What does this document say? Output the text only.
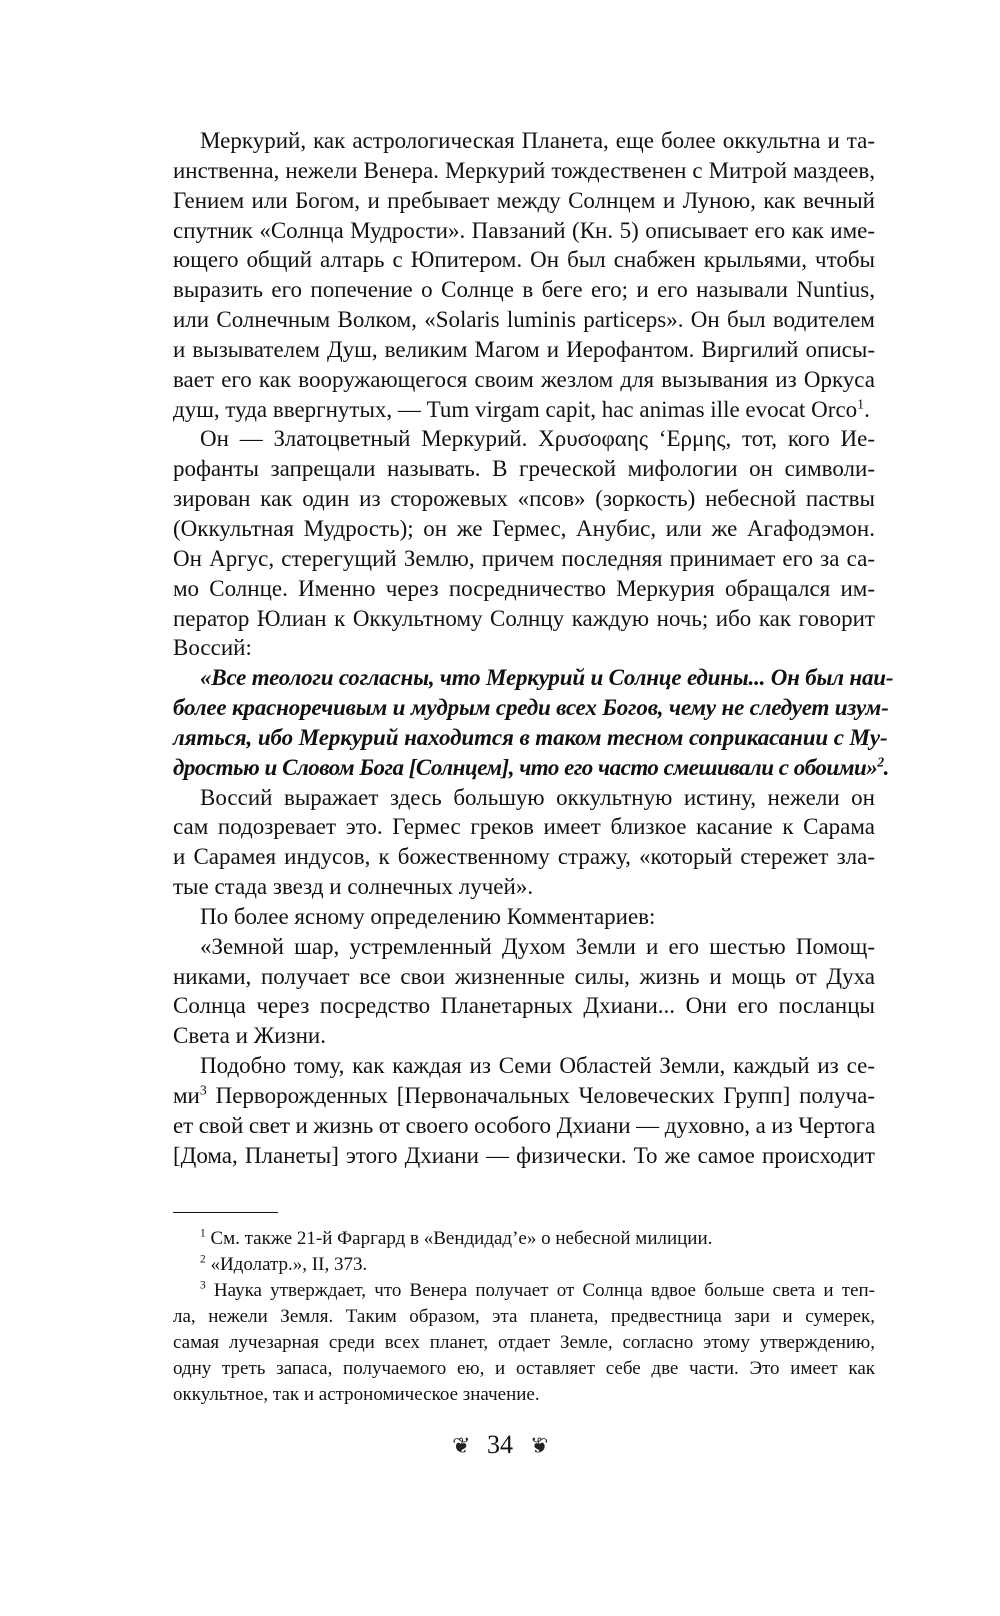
Меркурий, как астрологическая Планета, еще более оккультна и та-
инственна, нежели Венера. Меркурий тождественен с Митрой маздеев,
Гением или Богом, и пребывает между Солнцем и Луною, как вечный
спутник «Солнца Мудрости». Павзаний (Кн. 5) описывает его как име-
ющего общий алтарь с Юпитером. Он был снабжен крыльями, чтобы
выразить его попечение о Солнце в беге его; и его называли Nuntius,
или Солнечным Волком, «Solaris luminis particeps». Он был водителем
и вызывателем Душ, великим Магом и Иерофантом. Виргилий описы-
вает его как вооружающегося своим жезлом для вызывания из Оркуса
душ, туда ввергнутых, — Tum virgam capit, hac animas ille evocat Orco$^1$.
Он — Златоцветный Меркурий. Χρυσοφαης ‘Ερμης, тот, кого Ие-
рофанты запрещали называть. В греческой мифологии он символи-
зирован как один из сторожевых «псов» (зоркость) небесной паствы
(Оккультная Мудрость); он же Гермес, Анубис, или же Агафодэмон.
Он Аргус, стерегущий Землю, причем последняя принимает его за са-
мо Солнце. Именно через посредничество Меркурия обращался им-
ператор Юлиан к Оккультному Солнцу каждую ночь; ибо как говорит
Воссий:
«Все теологи согласны, что Меркурий и Солнце едины... Он был наи-
более красноречивым и мудрым среди всех Богов, чему не следует изум-
ляться, ибо Меркурий находится в таком тесном соприкасании с Му-
дростью и Словом Бога [Солнцем], что его часто смешивали с обоими»$^2$.
Воссий выражает здесь большую оккультную истину, нежели он
сам подозревает это. Гермес греков имеет близкое касание к Сарама
и Сарамея индусов, к божественному стражу, «который стережет зла-
тые стада звезд и солнечных лучей».
По более ясному определению Комментариев:
«Земной шар, устремленный Духом Земли и его шестью Помощ-
никами, получает все свои жизненные силы, жизнь и мощь от Духа
Солнца через посредство Планетарных Дхиани... Они его посланцы
Света и Жизни.
Подобно тому, как каждая из Семи Областей Земли, каждый из се-
$ми^3$ Перворожденных [Первоначальных Человеческих Групп] получа-
ет свой свет и жизнь от своего особого Дхиани — духовно, а из Чертога
[Дома, Планеты] этого Дхиани — физически. То же самое происходит
$^1$ См. также 21-й Фаргард в «Вендидад’е» о небесной милиции.
$^2$ «Идолатр.», II, 373.
$^3$ Наука утверждает, что Венера получает от Солнца вдвое больше света и теп-
ла, нежели Земля. Таким образом, эта планета, предвестница зари и сумерек,
самая лучезарная среди всех планет, отдает Земле, согласно этому утверждению,
одну треть запаса, получаемого ею, и оставляет себе две части. Это имеет как
оккультное, так и астрономическое значение.
❦ 34 ❦
